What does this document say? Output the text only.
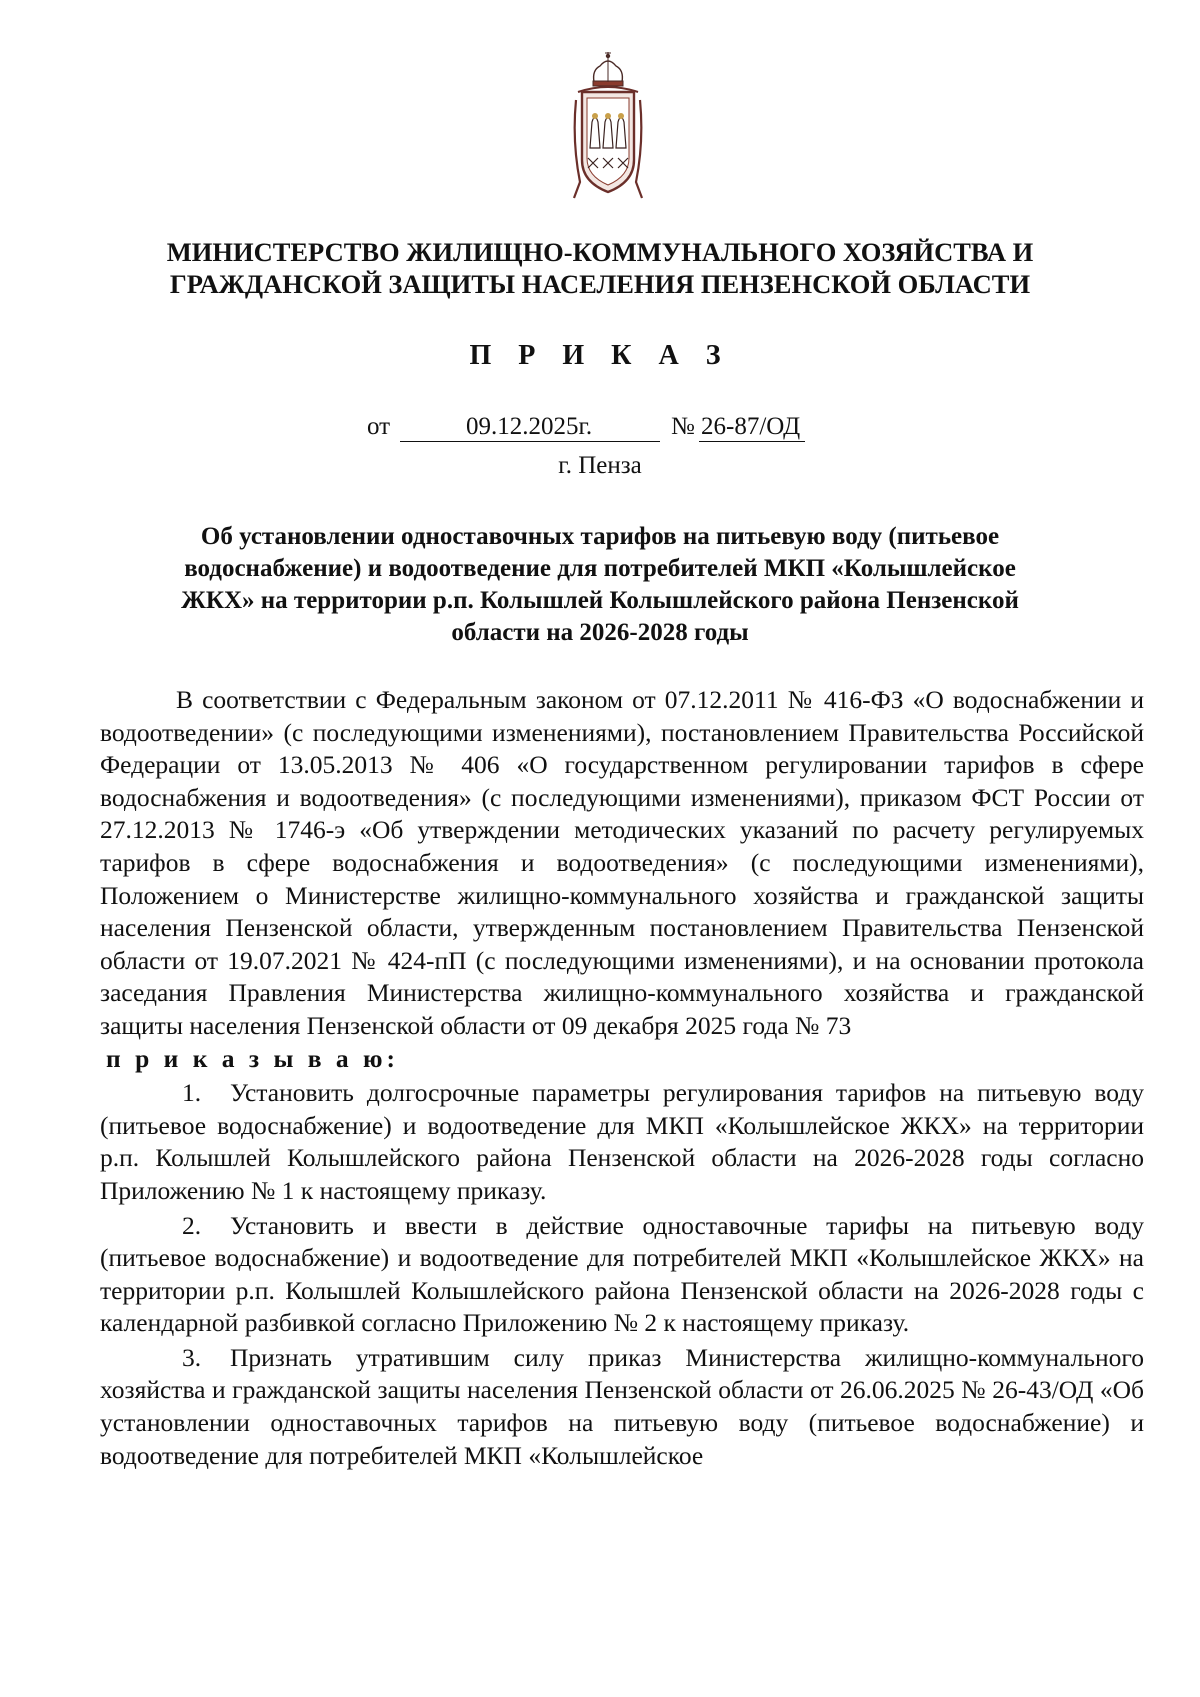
МИНИСТЕРСТВО ЖИЛИЩНО-КОММУНАЛЬНОГО ХОЗЯЙСТВА И
ГРАЖДАНСКОЙ ЗАЩИТЫ НАСЕЛЕНИЯ ПЕНЗЕНСКОЙ ОБЛАСТИ
П Р И К А З
от	09.12.2025г.	№ 26-87/ОД
г. Пенза
Об установлении одноставочных тарифов на питьевую воду (питьевое
водоснабжение) и водоотведение для потребителей МКП «Колышлейское
ЖКХ» на территории р.п. Колышлей Колышлейского района Пензенской
области на 2026-2028 годы

В соответствии с Федеральным законом от 07.12.2011 № 416-ФЗ «О водоснабжении и водоотведении» (с последующими изменениями), постановлением Правительства Российской Федерации от 13.05.2013 № 406 «О государственном регулировании тарифов в сфере водоснабжения и водоотведения» (с последующими изменениями), приказом ФСТ России от 27.12.2013 № 1746-э «Об утверждении методических указаний по расчету регулируемых тарифов в сфере водоснабжения и водоотведения» (с последующими изменениями), Положением о Министерстве жилищно-коммунального хозяйства и гражданской защиты населения Пензенской области, утвержденным постановлением Правительства Пензенской области от 19.07.2021 № 424-пП (с последующими изменениями), и на основании протокола заседания Правления Министерства жилищно-коммунального хозяйства и гражданской защиты населения Пензенской области от 09 декабря 2025 года № 73

п р и к а з ы в а ю:

1. Установить долгосрочные параметры регулирования тарифов на питьевую воду (питьевое водоснабжение) и водоотведение для МКП «Колышлейское ЖКХ» на территории р.п. Колышлей Колышлейского района Пензенской области на 2026-2028 годы согласно Приложению № 1 к настоящему приказу.

2. Установить и ввести в действие одноставочные тарифы на питьевую воду (питьевое водоснабжение) и водоотведение для потребителей МКП «Колышлейское ЖКХ» на территории р.п. Колышлей Колышлейского района Пензенской области на 2026-2028 годы с календарной разбивкой согласно Приложению № 2 к настоящему приказу.

3. Признать утратившим силу приказ Министерства жилищно-коммунального хозяйства и гражданской защиты населения Пензенской области от 26.06.2025 № 26-43/ОД «Об установлении одноставочных тарифов на питьевую воду (питьевое водоснабжение) и водоотведение для потребителей МКП «Колышлейское
